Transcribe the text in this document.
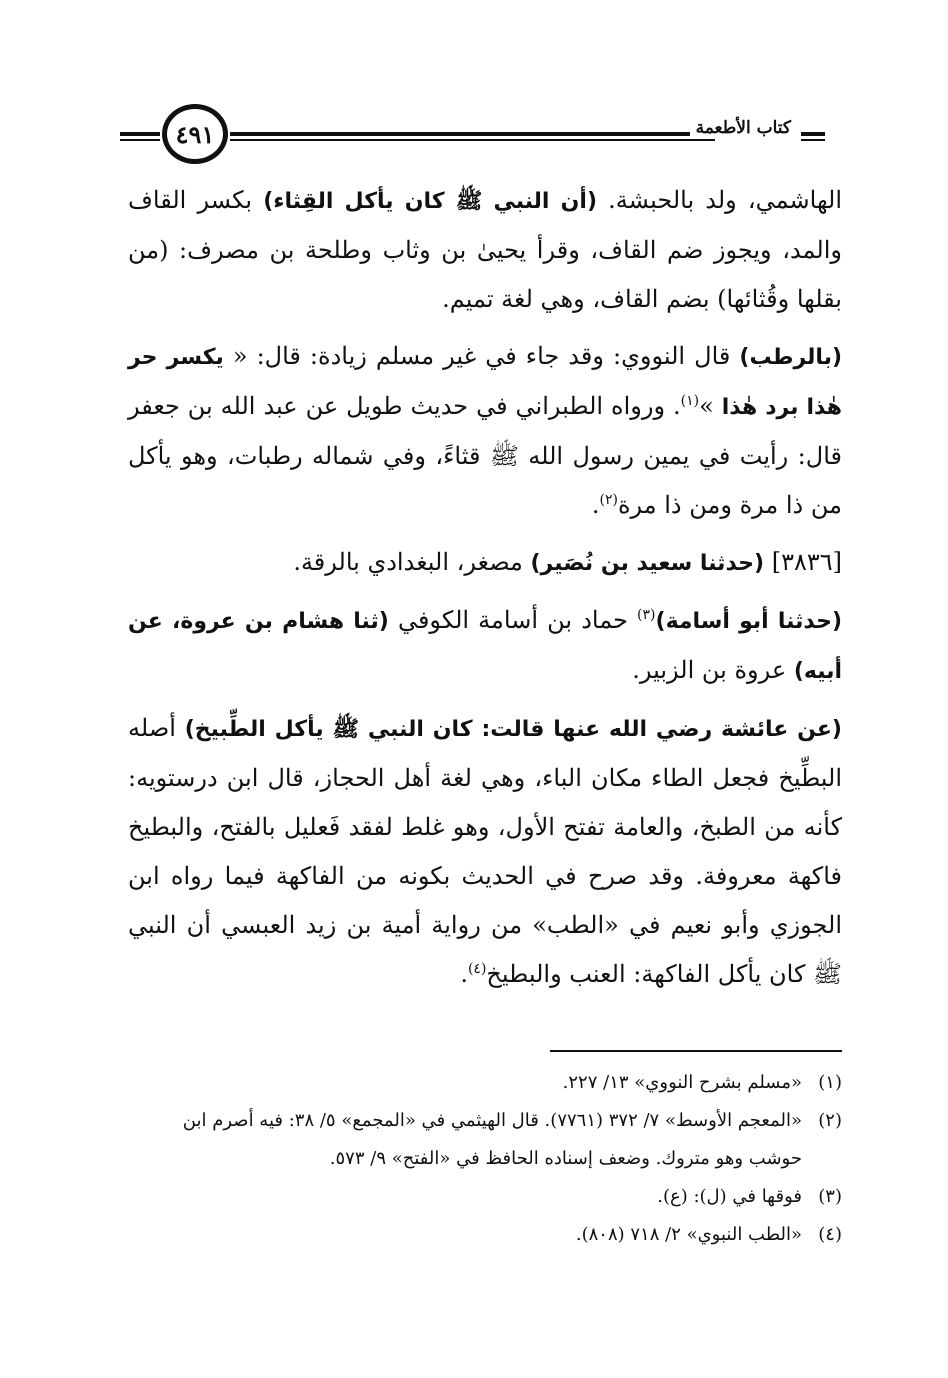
٤٩١	كتاب الأطعمة

الهاشمي، ولد بالحبشة. (أن النبي ﷺ كان يأكل القِثاء) بكسر القاف والمد، ويجوز ضم القاف، وقرأ يحيىٰ بن وثاب وطلحة بن مصرف: (من بقلها وقُثائها) بضم القاف، وهي لغة تميم.

(بالرطب) قال النووي: وقد جاء في غير مسلم زيادة: قال: « يكسر حر هٰذا برد هٰذا »$^{(١)}$. ورواه الطبراني في حديث طويل عن عبد الله بن جعفر قال: رأيت في يمين رسول الله ﷺ قثاءً، وفي شماله رطبات، وهو يأكل من ذا مرة ومن ذا مرة$^{(٢)}$.

[٣٨٣٦] (حدثنا سعيد بن نُصَير) مصغر، البغدادي بالرقة.

(حدثنا أبو أسامة)$^{(٣)}$ حماد بن أسامة الكوفي (ثنا هشام بن عروة، عن أبيه) عروة بن الزبير.

(عن عائشة رضي الله عنها قالت: كان النبي ﷺ يأكل الطِّبيخ) أصله البطِّيخ فجعل الطاء مكان الباء، وهي لغة أهل الحجاز، قال ابن درستويه: كأنه من الطبخ، والعامة تفتح الأول، وهو غلط لفقد فَعليل بالفتح، والبطيخ فاكهة معروفة. وقد صرح في الحديث بكونه من الفاكهة فيما رواه ابن الجوزي وأبو نعيم في «الطب» من رواية أمية بن زيد العبسي أن النبي ﷺ كان يأكل الفاكهة: العنب والبطيخ$^{(٤)}$.

(١)
«مسلم بشرح النووي» ١٣/ ٢٢٧.
(٢)
«المعجم الأوسط» ٧/ ٣٧٢ (٧٧٦١). قال الهيثمي في «المجمع» ٥/ ٣٨: فيه أصرم ابن حوشب وهو متروك. وضعف إسناده الحافظ في «الفتح» ٩/ ٥٧٣.
(٣)
فوقها في (ل): (ع).
(٤)
«الطب النبوي» ٢/ ٧١٨ (٨٠٨).
